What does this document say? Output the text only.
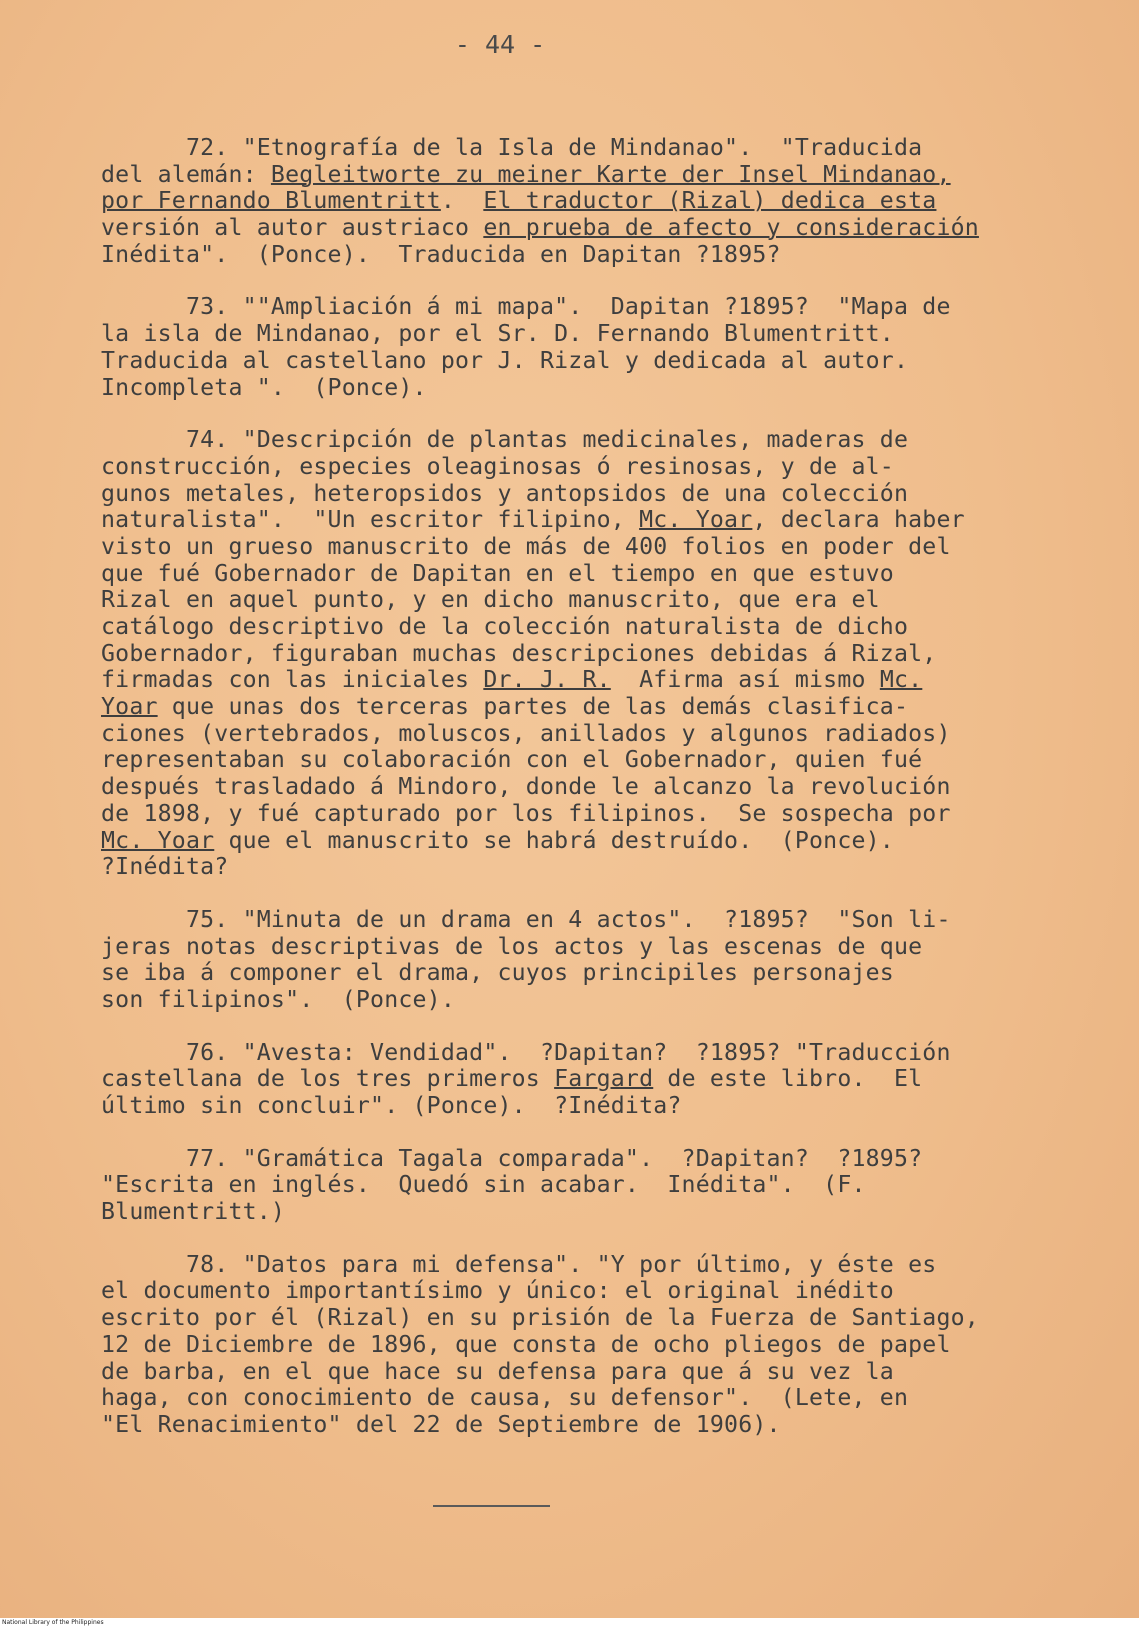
- 44 -
72. "Etnografía de la Isla de Mindanao".  "Traducida
del alemán: Begleitworte zu meiner Karte der Insel Mindanao,
por Fernando Blumentritt.  El traductor (Rizal) dedica esta
versión al autor austriaco en prueba de afecto y consideración
Inédita".  (Ponce).  Traducida en Dapitan ?1895?
73. ""Ampliación á mi mapa".  Dapitan ?1895?  "Mapa de
la isla de Mindanao, por el Sr. D. Fernando Blumentritt.
Traducida al castellano por J. Rizal y dedicada al autor.
Incompleta ".  (Ponce).
74. "Descripción de plantas medicinales, maderas de
construcción, especies oleaginosas ó resinosas, y de al-
gunos metales, heteropsidos y antopsidos de una colección
naturalista".  "Un escritor filipino, Mc. Yoar, declara haber
visto un grueso manuscrito de más de 400 folios en poder del
que fué Gobernador de Dapitan en el tiempo en que estuvo
Rizal en aquel punto, y en dicho manuscrito, que era el
catálogo descriptivo de la colección naturalista de dicho
Gobernador, figuraban muchas descripciones debidas á Rizal,
firmadas con las iniciales Dr. J. R.  Afirma así mismo Mc.
Yoar que unas dos terceras partes de las demás clasifica-
ciones (vertebrados, moluscos, anillados y algunos radiados)
representaban su colaboración con el Gobernador, quien fué
después trasladado á Mindoro, donde le alcanzo la revolución
de 1898, y fué capturado por los filipinos.  Se sospecha por
Mc. Yoar que el manuscrito se habrá destruído.  (Ponce).
?Inédita?
75. "Minuta de un drama en 4 actos".  ?1895?  "Son li-
jeras notas descriptivas de los actos y las escenas de que
se iba á componer el drama, cuyos principiles personajes
son filipinos".  (Ponce).
76. "Avesta: Vendidad".  ?Dapitan?  ?1895? "Traducción
castellana de los tres primeros Fargard de este libro.  El
último sin concluir". (Ponce).  ?Inédita?
77. "Gramática Tagala comparada".  ?Dapitan?  ?1895?
"Escrita en inglés.  Quedó sin acabar.  Inédita".  (F.
Blumentritt.)
78. "Datos para mi defensa". "Y por último, y éste es
el documento importantísimo y único: el original inédito
escrito por él (Rizal) en su prisión de la Fuerza de Santiago,
12 de Diciembre de 1896, que consta de ocho pliegos de papel
de barba, en el que hace su defensa para que á su vez la
haga, con conocimiento de causa, su defensor".  (Lete, en
"El Renacimiento" del 22 de Septiembre de 1906).
National Library of the Philippines
